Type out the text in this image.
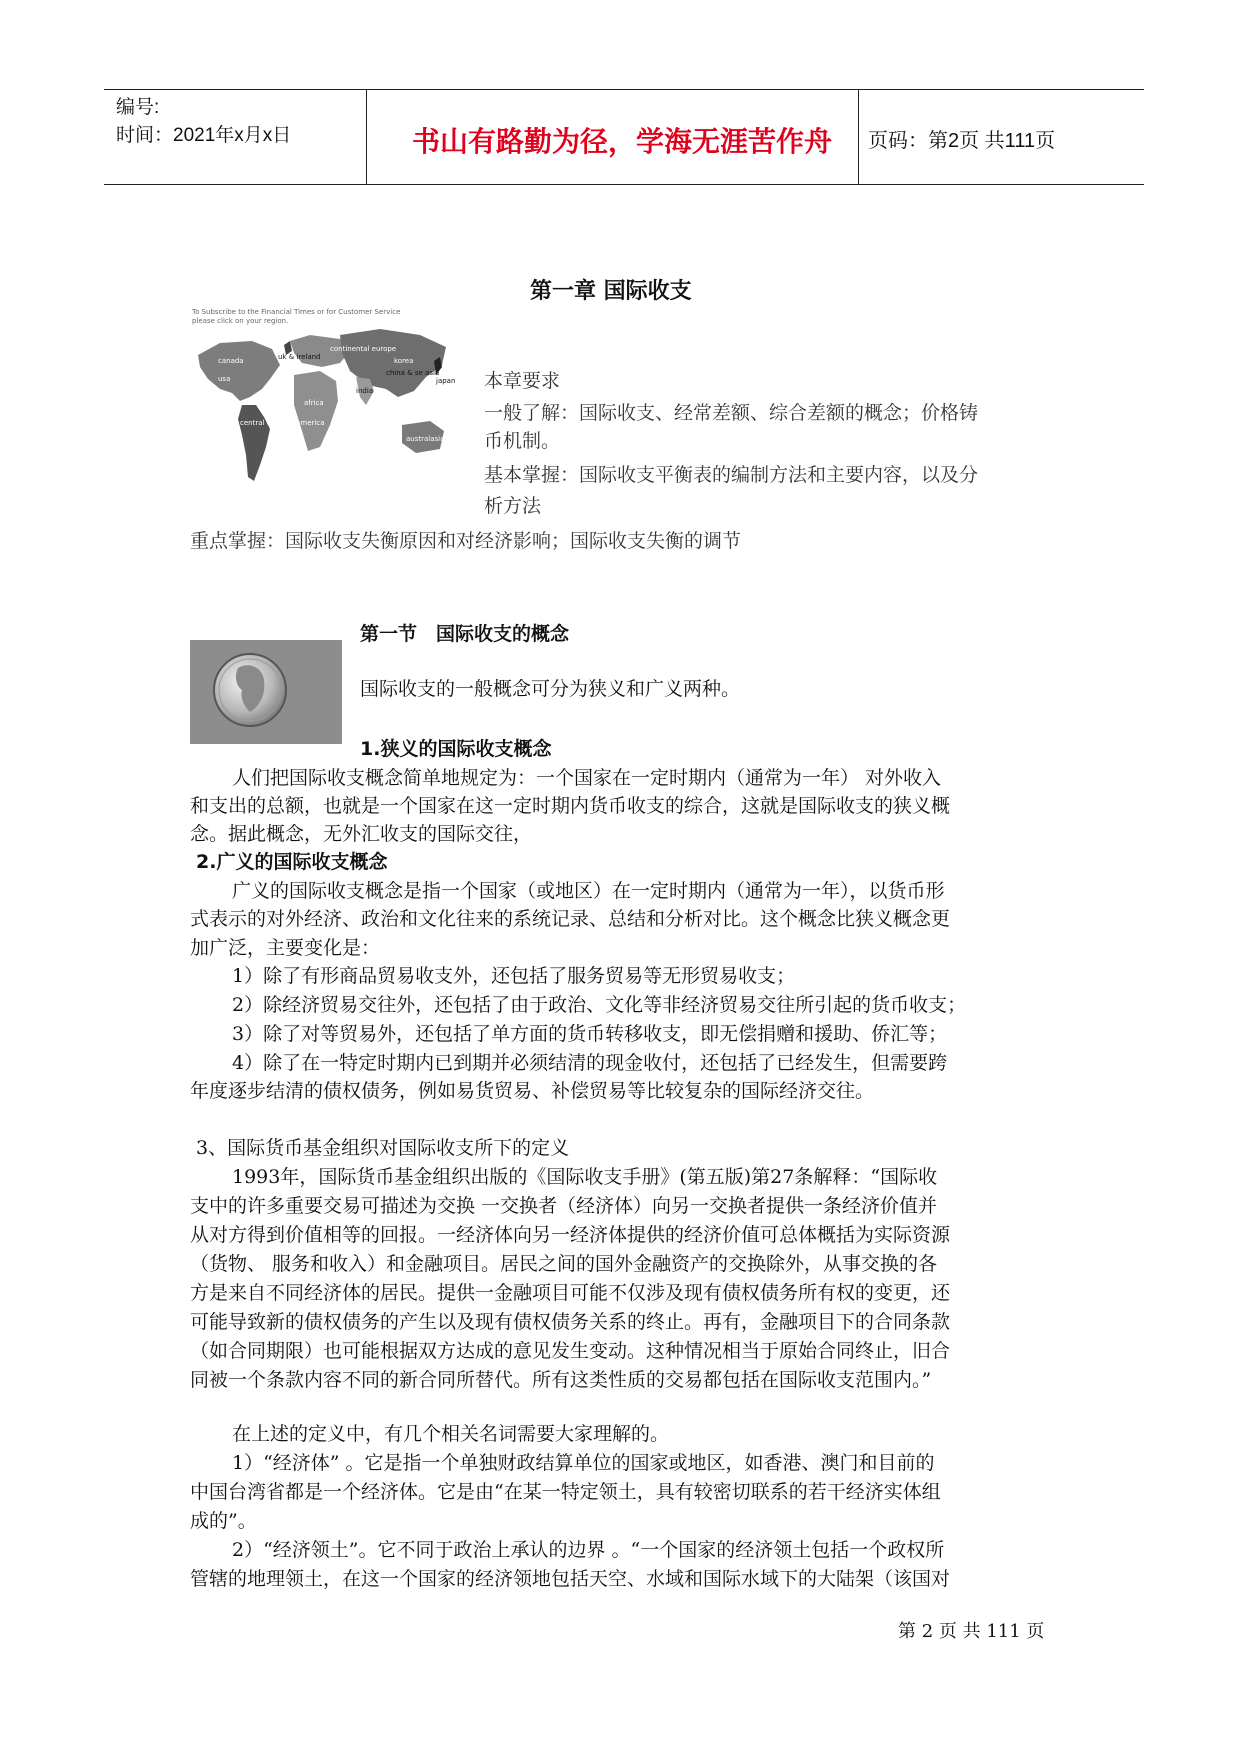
编号:
时间：2021年x月x日	书山有路勤为径，学海无涯苦作舟	页码：第2页 共111页
第一章 国际收支
To Subscribe to the Financial Times or for Customer Service
please click on your region.
canada	uk & ireland
continental europe
usa
korea
china & se asia
japan
africa
india
central & south america
australasia
本章要求
一般了解：国际收支、经常差额、综合差额的概念；价格铸
币机制。
基本掌握：国际收支平衡表的编制方法和主要内容，以及分
析方法
重点掌握：国际收支失衡原因和对经济影响；国际收支失衡的调节
第一节　国际收支的概念
国际收支的一般概念可分为狭义和广义两种。
1.狭义的国际收支概念
人们把国际收支概念简单地规定为：一个国家在一定时期内（通常为一年） 对外收入
和支出的总额，也就是一个国家在这一定时期内货币收支的综合，这就是国际收支的狭义概
念。据此概念，无外汇收支的国际交往，
2.广义的国际收支概念
广义的国际收支概念是指一个国家（或地区）在一定时期内（通常为一年），以货币形
式表示的对外经济、政治和文化往来的系统记录、总结和分析对比。这个概念比狭义概念更
加广泛，主要变化是：
1）除了有形商品贸易收支外，还包括了服务贸易等无形贸易收支；
2）除经济贸易交往外，还包括了由于政治、文化等非经济贸易交往所引起的货币收支；
3）除了对等贸易外，还包括了单方面的货币转移收支，即无偿捐赠和援助、侨汇等；
4）除了在一特定时期内已到期并必须结清的现金收付，还包括了已经发生，但需要跨
年度逐步结清的债权债务，例如易货贸易、补偿贸易等比较复杂的国际经济交往。
3、国际货币基金组织对国际收支所下的定义
1993年，国际货币基金组织出版的《国际收支手册》(第五版)第27条解释：“国际收
支中的许多重要交易可描述为交换 一交换者（经济体）向另一交换者提供一条经济价值并
从对方得到价值相等的回报。一经济体向另一经济体提供的经济价值可总体概括为实际资源
（货物、 服务和收入）和金融项目。居民之间的国外金融资产的交换除外，从事交换的各
方是来自不同经济体的居民。提供一金融项目可能不仅涉及现有债权债务所有权的变更，还
可能导致新的债权债务的产生以及现有债权债务关系的终止。再有，金融项目下的合同条款
（如合同期限）也可能根据双方达成的意见发生变动。这种情况相当于原始合同终止，旧合
同被一个条款内容不同的新合同所替代。所有这类性质的交易都包括在国际收支范围内。”
在上述的定义中，有几个相关名词需要大家理解的。
1）“经济体” 。它是指一个单独财政结算单位的国家或地区，如香港、澳门和目前的
中国台湾省都是一个经济体。它是由“在某一特定领土，具有较密切联系的若干经济实体组
成的”。
2）“经济领土”。它不同于政治上承认的边界 。“一个国家的经济领土包括一个政权所
管辖的地理领土，在这一个国家的经济领地包括天空、水域和国际水域下的大陆架（该国对
第 2 页 共 111 页
